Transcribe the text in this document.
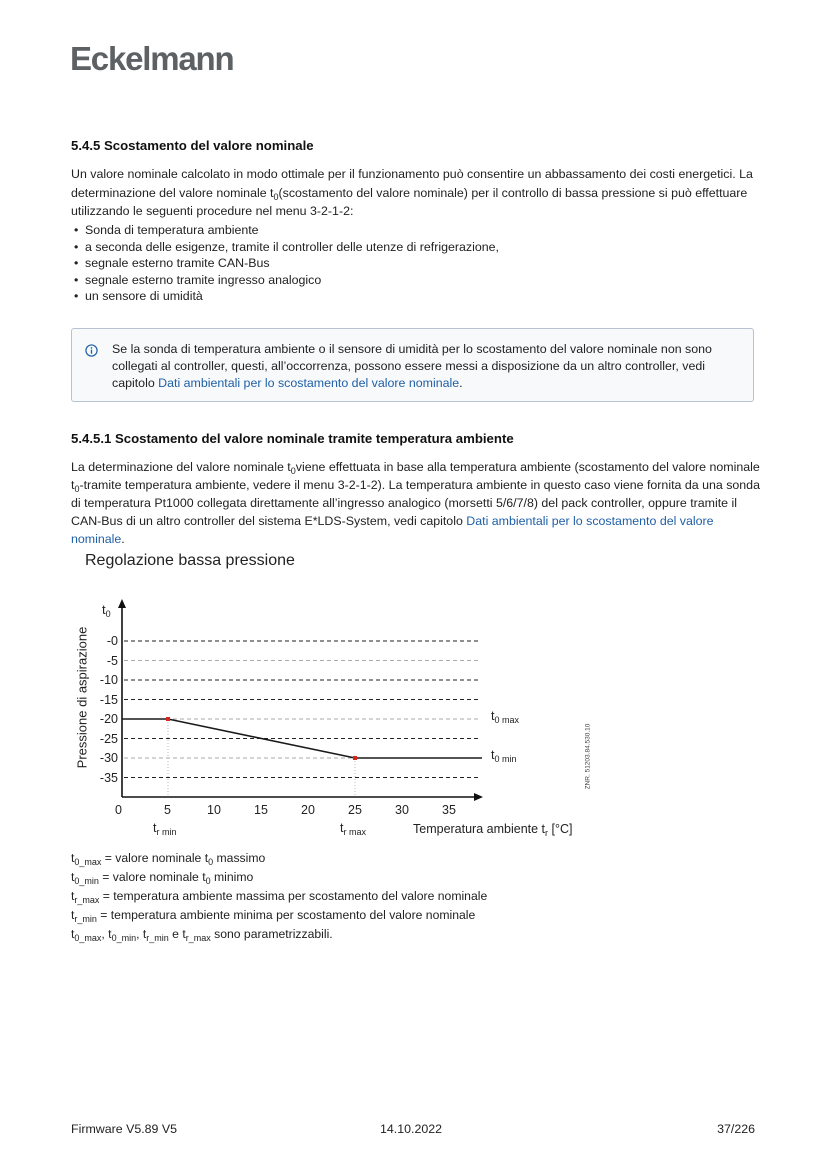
Eckelmann
5.4.5 Scostamento del valore nominale
Un valore nominale calcolato in modo ottimale per il funzionamento può consentire un abbassamento dei costi energetici. La determinazione del valore nominale $t_0(scostamento$ del valore nominale) per il controllo di bassa pressione si può effettuare utilizzando le seguenti procedure nel menu 3-2-1-2:
• Sonda di temperatura ambiente
• a seconda delle esigenze, tramite il controller delle utenze di refrigerazione,
• segnale esterno tramite CAN-Bus
• segnale esterno tramite ingresso analogico
• un sensore di umidità
Se la sonda di temperatura ambiente o il sensore di umidità per lo scostamento del valore nominale non sono collegati al controller, questi, all’occorrenza, possono essere messi a disposizione da un altro controller, vedi capitolo Dati ambientali per lo scostamento del valore nominale.
5.4.5.1 Scostamento del valore nominale tramite temperatura ambiente
La determinazione del valore nominale $t_0viene$ effettuata in base alla temperatura ambiente (scostamento del valore nominale $t_0$-tramite temperatura ambiente, vedere il menu 3-2-1-2). La temperatura ambiente in questo caso viene fornita da una sonda di temperatura Pt1000 collegata direttamente all’ingresso analogico (morsetti 5/6/7/8) del pack controller, oppure tramite il CAN-Bus di un altro controller del sistema E*LDS-System, vedi capitolo Dati ambientali per lo scostamento del valore nominale.
Regolazione bassa pressione
$t_0$
Pressione di aspirazione	-0
-5
-10
-15
-20
-25
-30
-35
0	5	10	15	20	25	30	35
$t_{r min}$	$t_{r max}$	Temperatura ambiente $t_r$ [°C]
$t_{0 max}$
$t_{0 min}$	ZNR. 51203.84.530.10
$t_{0\_max}$ = valore nominale $t_0$ massimo
$t_{0\_min}$ = valore nominale $t_0$ minimo
$t_{r\_max}$ = temperatura ambiente massima per scostamento del valore nominale
$t_{r\_min}$ = temperatura ambiente minima per scostamento del valore nominale
$t_{0\_max}$, $t_{0\_min}$, $t_{r\_min}$ e $t_{r\_max}$ sono parametrizzabili.
Firmware V5.89 V5	14.10.2022	37/226
